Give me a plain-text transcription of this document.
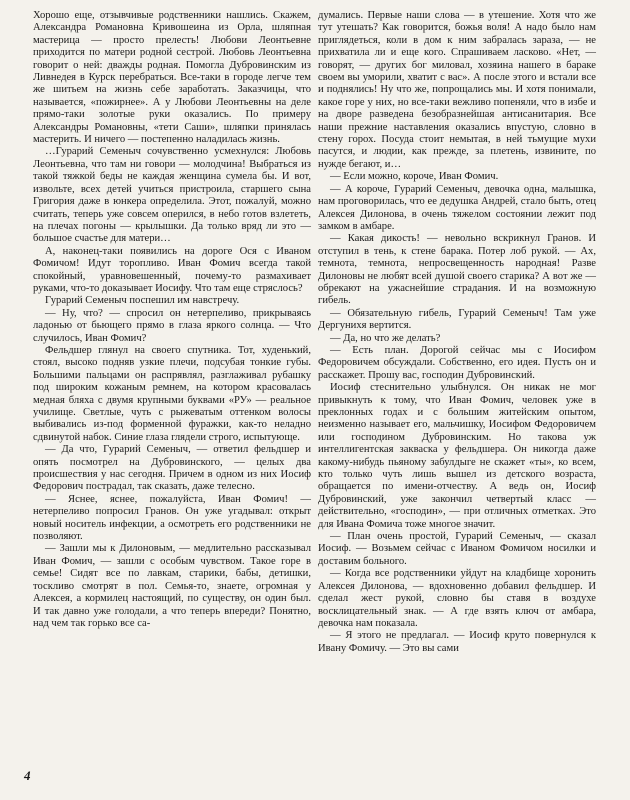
Хорошо еще, отзывчивые родственники нашлись. Скажем, Александра Романовна Кривошеина из Орла, шляпная мастерица — просто прелесть! Любови Леонтьевне приходится по матери родной сестрой. Любовь Леонтьевна говорит о ней: дважды родная. Помогла Дубровинским из Ливнедея в Курск перебраться. Все-таки в городе легче тем же шитьем на жизнь себе заработать. Заказчицы, что называется, «пожирнее». А у Любови Леонтьевны на деле прямо-таки золотые руки оказались. По примеру Александры Романовны, «тети Саши», шляпки принялась мастерить. И ничего — постепенно наладилась жизнь.

…Гурарий Семеныч сочувственно усмехнулся: Любовь Леонтьевна, что там ни говори — молодчина! Выбраться из такой тяжкой беды не каждая женщина сумела бы. И вот, извольте, всех детей учиться пристроила, старшего сына Григория даже в юнкера определила. Этот, пожалуй, можно считать, теперь уже совсем оперился, в небо готов взлететь, на плечах погоны — крылышки. Да только вряд ли это — большое счастье для матери…

А, наконец-таки появились на дороге Ося с Иваном Фомичом! Идут торопливо. Иван Фомич всегда такой спокойный, уравновешенный, почему-то размахивает руками, что-то доказывает Иосифу. Что там еще стряслось?

Гурарий Семеныч поспешил им навстречу.

— Ну, что? — спросил он нетерпеливо, прикрываясь ладонью от бьющего прямо в глаза яркого солнца. — Что случилось, Иван Фомич?

Фельдшер глянул на своего спутника. Тот, худенький, стоял, высоко подняв узкие плечи, подсубая тонкие губы. Большими пальцами он распрявлял, разглаживал рубашку под широким кожаным ремнем, на котором красовалась медная бляха с двумя крупными буквами «РУ» — реальное училище. Светлые, чуть с рыжеватым оттенком волосы выбивались из-под форменной фуражки, как-то неладно сдвинутой набок. Синие глаза глядели строго, испытующе.

— Да что, Гурарий Семеныч, — ответил фельдшер и опять посмотрел на Дубровинского, — целых два происшествия у нас сегодня. Причем в одном из них Иосиф Федорович пострадал, так сказать, даже телесно.

— Яснее, яснее, пожалуйста, Иван Фомич! — нетерпеливо попросил Гранов. Он уже угадывал: открыт новый носитель инфекции, а осмотреть его родственники не позволяют.

— Зашли мы к Дилоновым, — медлительно рассказывал Иван Фомич, — зашли с особым чувством. Такое горе в семье! Сидят все по лавкам, старики, бабы, детишки, тоскливо смотрят в пол. Семья-то, знаете, огромная у Алексея, а кормилец настоящий, по существу, он один был. И так давно уже голодали, а что теперь впереди? Понятно, над чем так горько все са-

думались. Первые наши слова — в утешение. Хотя что же тут утешать? Как говорится, божья воля! А надо было нам приглядеться, коли в дом к ним забралась зараза, — не прихватила ли и еще кого. Спрашиваем ласково. «Нет, — говорят, — других бог миловал, хозяина нашего в бараке своем вы уморили, хватит с вас». А после этого и встали все и поднялись! Ну что же, попрощались мы. И хотя понимали, какое горе у них, но все-таки вежливо попеняли, что в избе и на дворе разведена безобразнейшая антисанитария. Все наши прежние наставления оказались впустую, словно в стену горох. Посуда стоит немытая, в ней тьмущие мухи пасутся, и людии, как прежде, за плетень, извините, по нужде бегают, и…

— Если можно, короче, Иван Фомич.

— А короче, Гурарий Семеныч, девочка одна, малышка, нам проговорилась, что ее дедушка Андрей, стало быть, отец Алексея Дилонова, в очень тяжелом состоянии лежит под замком в амбаре.

— Какая дикость! — невольно вскрикнул Гранов. И отступил в тень, к стене барака. Потер лоб рукой. — Ах, темнота, темнота, непросвещенность народная! Разве Дилоновы не любят всей душой своего старика? А вот же — обрекают на ужаснейшие страдания. И на возможную гибель.

— Обязательную гибель, Гурарий Семеныч! Там уже Дергунихя вертится.

— Да, но что же делать?

— Есть план. Дорогой сейчас мы с Иосифом Федоровичем обсуждали. Собственно, его идея. Пусть он и расскажет. Прошу вас, господин Дубровинский.

Иосиф стеснительно улыбнулся. Он никак не мог привыкнуть к тому, что Иван Фомич, человек уже в преклонных годах и с большим житейским опытом, неизменно называет его, мальчишку, Иосифом Федоровичем или господином Дубровинским. Но такова уж интеллигентская закваска у фельдшера. Он никогда даже какому-нибудь пьяному забулдыге не скажет «ты», ко всем, кто только чуть лишь вышел из детского возраста, обращается по имени-отчеству. А ведь он, Иосиф Дубровинский, уже закончил четвертый класс — действительно, «господин», — при отличных отметках. Это для Ивана Фомича тоже многое значит.

— План очень простой, Гурарий Семеныч, — сказал Иосиф. — Возьмем сейчас с Иваном Фомичом носилки и доставим больного.

— Когда все родственники уйдут на кладбище хоронить Алексея Дилонова, — вдохновенно добавил фельдшер. И сделал жест рукой, словно бы ставя в воздухе восклицательный знак. — А где взять ключ от амбара, девочка нам показала.

— Я этого не предлагал. — Иосиф круто повернулся к Ивану Фомичу. — Это вы сами

4
